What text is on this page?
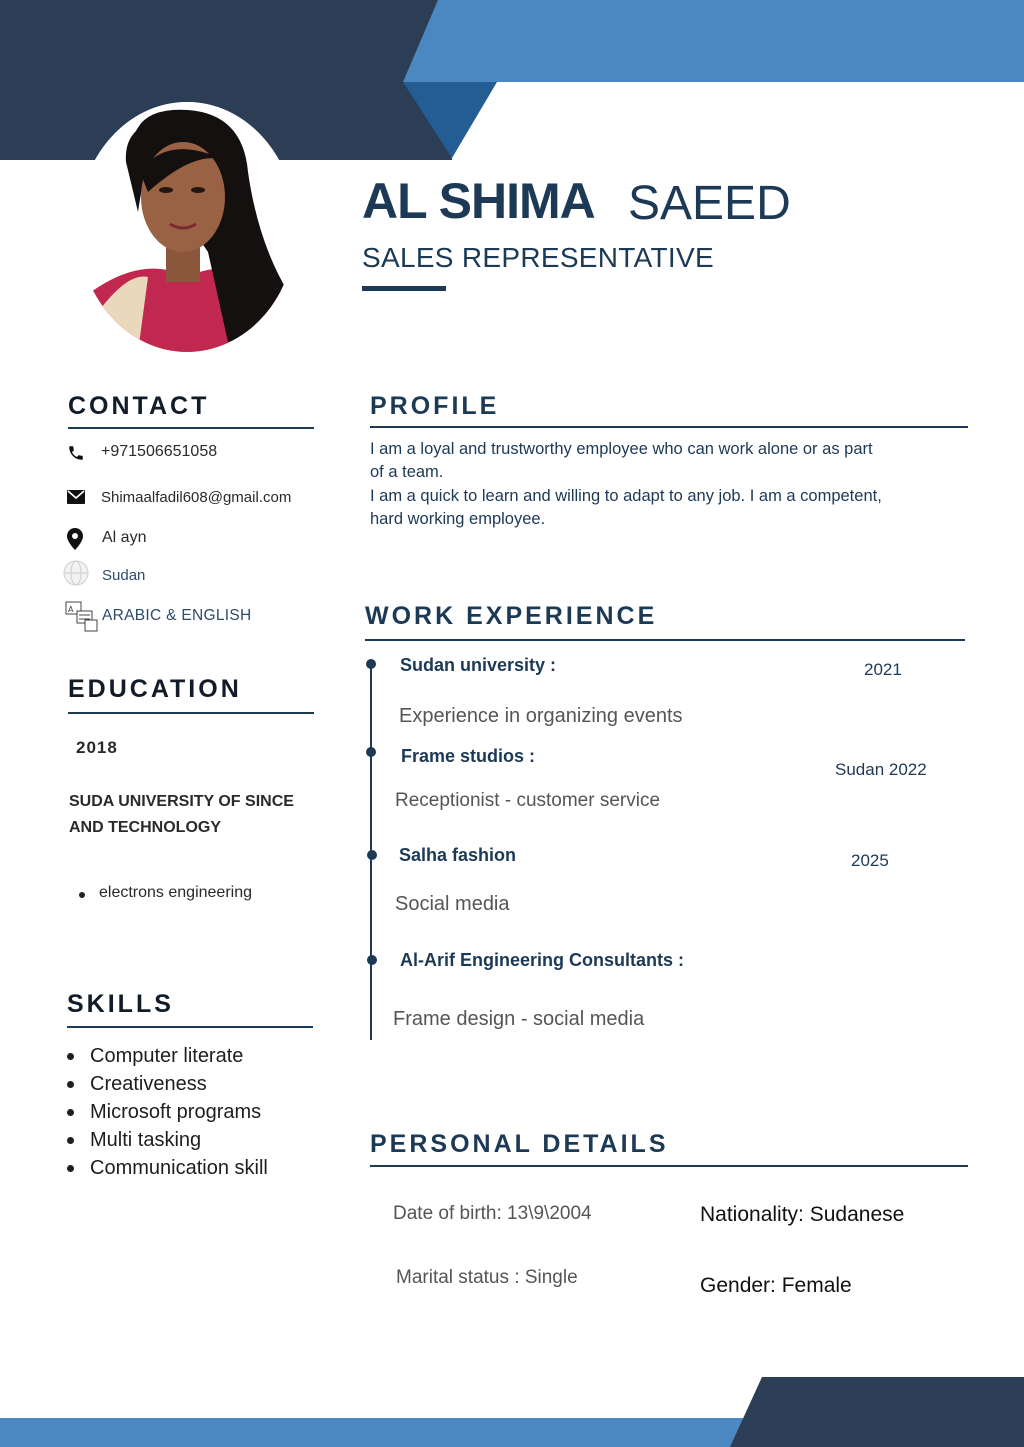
AL SHIMA SAEED
SALES REPRESENTATIVE
CONTACT
+971506651058
Shimaalfadil608@gmail.com
Al ayn
Sudan
A ARABIC & ENGLISH
EDUCATION
2018
SUDA UNIVERSITY OF SINCE AND TECHNOLOGY
electrons engineering
SKILLS
Computer literate
Creativeness
Microsoft programs
Multi tasking
Communication skill
PROFILE
I am a loyal and trustworthy employee who can work alone or as part
of a team.
I am a quick to learn and willing to adapt to any job. I am a competent,
hard working employee.
WORK EXPERIENCE
Sudan university :	2021
Experience in organizing events
Frame studios :
Sudan 2022
Receptionist - customer service
Salha fashion	2025
Social media
Al-Arif Engineering Consultants :
Frame design - social media
PERSONAL DETAILS
Date of birth: 13\9\2004
Marital status : Single
Nationality: Sudanese
Gender: Female
